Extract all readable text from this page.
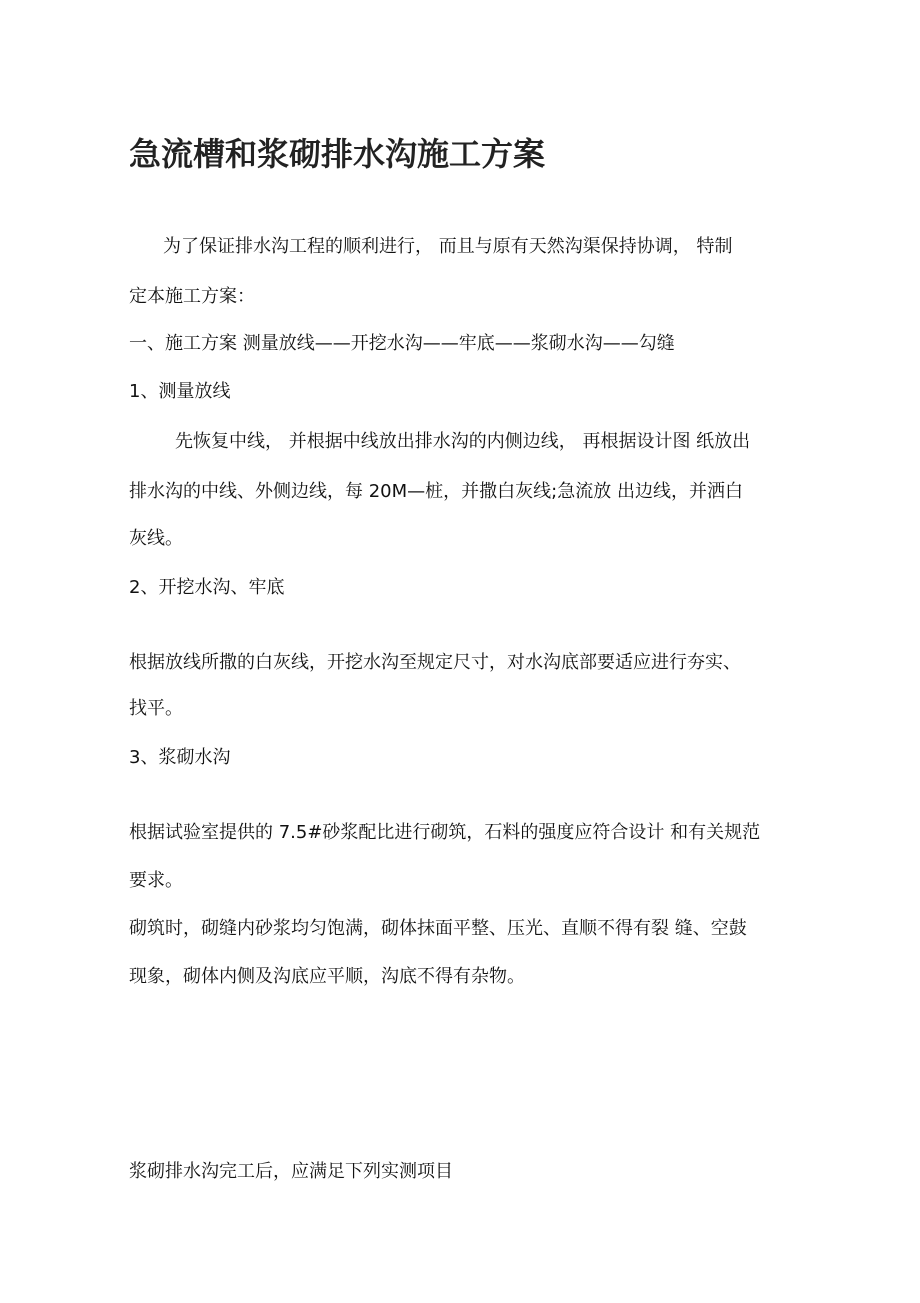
急流槽和浆砌排水沟施工方案

为了保证排水沟工程的顺利进行， 而且与原有天然沟渠保持协调， 特制

定本施工方案：

一、施工方案 测量放线——开挖水沟——牢底——浆砌水沟——勾缝

1、测量放线

先恢复中线， 并根据中线放出排水沟的内侧边线， 再根据设计图 纸放出

排水沟的中线、外侧边线，每 20M—桩，并撒白灰线;急流放 出边线，并洒白

灰线。

2、开挖水沟、牢底

根据放线所撒的白灰线，开挖水沟至规定尺寸，对水沟底部要适应进行夯实、

找平。

3、浆砌水沟

根据试验室提供的 7.5#砂浆配比进行砌筑，石料的强度应符合设计 和有关规范

要求。

砌筑时，砌缝内砂浆均匀饱满，砌体抹面平整、压光、直顺不得有裂 缝、空鼓

现象，砌体内侧及沟底应平顺，沟底不得有杂物。

浆砌排水沟完工后，应满足下列实测项目
